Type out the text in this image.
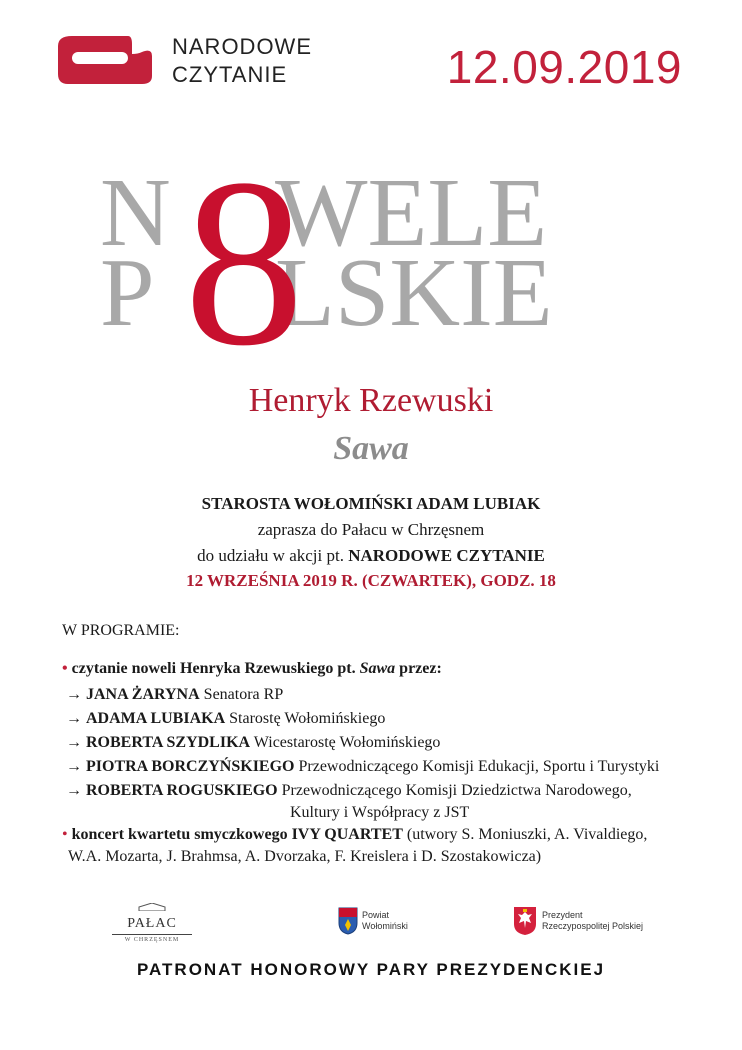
NARODOWE
CZYTANIE	12.09.2019
N WELE
P LSKIE
8
Henryk Rzewuski
Sawa
STAROSTA WOŁOMIŃSKI ADAM LUBIAK
zaprasza do Pałacu w Chrzęsnem
do udziału w akcji pt. NARODOWE CZYTANIE
12 WRZEŚNIA 2019 R. (CZWARTEK), GODZ. 18
W PROGRAMIE:
• czytanie noweli Henryka Rzewuskiego pt. Sawa przez:
→ JANA ŻARYNA Senatora RP
→ ADAMA LUBIAKA Starostę Wołomińskiego
→ ROBERTA SZYDLIKA Wicestarostę Wołomińskiego
→ PIOTRA BORCZYŃSKIEGO Przewodniczącego Komisji Edukacji, Sportu i Turystyki
→ ROBERTA ROGUSKIEGO Przewodniczącego Komisji Dziedzictwa Narodowego,
Kultury i Współpracy z JST
• koncert kwartetu smyczkowego IVY QUARTET (utwory S. Moniuszki, A. Vivaldiego,
W.A. Mozarta, J. Brahmsa, A. Dvorzaka, F. Kreislera i D. Szostakowicza)
PAŁAC
W CHRZĘSNEM
Powiat
Wołomiński
Prezydent
Rzeczypospolitej Polskiej
PATRONAT HONOROWY PARY PREZYDENCKIEJ
